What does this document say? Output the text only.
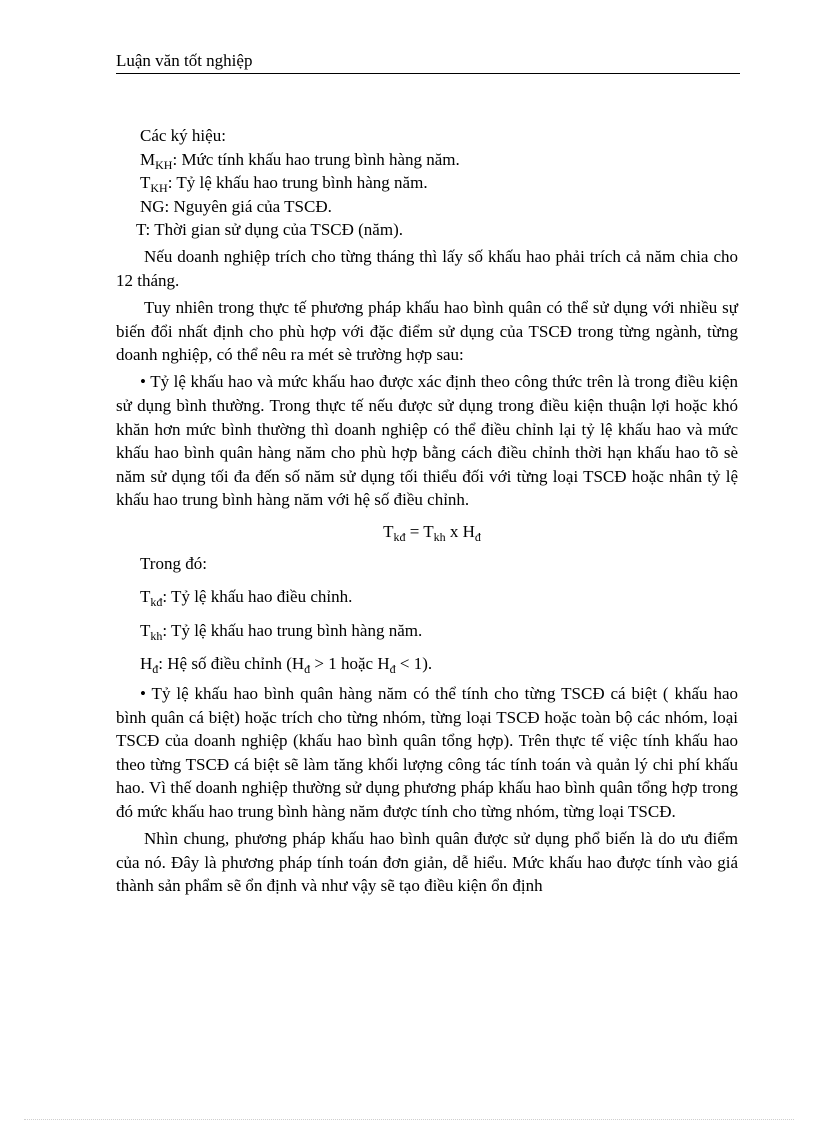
Luận văn tốt nghiệp
Các ký hiệu:
$M_{KH}$: Mức tính khấu hao trung bình hàng năm.
$T_{KH}$: Tỷ lệ khấu hao trung bình hàng năm.
NG: Nguyên giá của TSCĐ.
T: Thời gian sử dụng của TSCĐ (năm).

Nếu doanh nghiệp trích cho từng tháng thì lấy số khấu hao phải trích cả năm chia cho 12 tháng.

Tuy nhiên trong thực tế phương pháp khấu hao bình quân có thể sử dụng với nhiều sự biến đổi nhất định cho phù hợp với đặc điểm sử dụng của TSCĐ trong từng ngành, từng doanh nghiệp, có thể nêu ra mét sè trường hợp sau:

• Tỷ lệ khấu hao và mức khấu hao được xác định theo công thức trên là trong điều kiện sử dụng bình thường. Trong thực tế nếu được sử dụng trong điều kiện thuận lợi hoặc khó khăn hơn mức bình thường thì doanh nghiệp có thể điều chỉnh lại tỷ lệ khấu hao và mức khấu hao bình quân hàng năm cho phù hợp bằng cách điều chỉnh thời hạn khấu hao tõ sè năm sử dụng tối đa đến số năm sử dụng tối thiểu đối với từng loại TSCĐ hoặc nhân tỷ lệ khấu hao trung bình hàng năm với hệ số điều chỉnh.

$T_{kđ} = T_{kh}$ x $H_đ$
Trong đó:
$T_{kđ}$: Tỷ lệ khấu hao điều chỉnh.
$T_{kh}$: Tỷ lệ khấu hao trung bình hàng năm.
$H_đ$: Hệ số điều chỉnh ($H_đ > 1$ hoặc $H_đ < 1$).

• Tỷ lệ khấu hao bình quân hàng năm có thể tính cho từng TSCĐ cá biệt ( khấu hao bình quân cá biệt) hoặc trích cho từng nhóm, từng loại TSCĐ hoặc toàn bộ các nhóm, loại TSCĐ của doanh nghiệp (khấu hao bình quân tổng hợp). Trên thực tế việc tính khấu hao theo từng TSCĐ cá biệt sẽ làm tăng khối lượng công tác tính toán và quản lý chi phí khấu hao. Vì thế doanh nghiệp thường sử dụng phương pháp khấu hao bình quân tổng hợp trong đó mức khấu hao trung bình hàng năm được tính cho từng nhóm, từng loại TSCĐ.

Nhìn chung, phương pháp khấu hao bình quân được sử dụng phổ biến là do ưu điểm của nó. Đây là phương pháp tính toán đơn giản, dễ hiểu. Mức khấu hao được tính vào giá thành sản phẩm sẽ ổn định và như vậy sẽ tạo điều kiện ổn định
